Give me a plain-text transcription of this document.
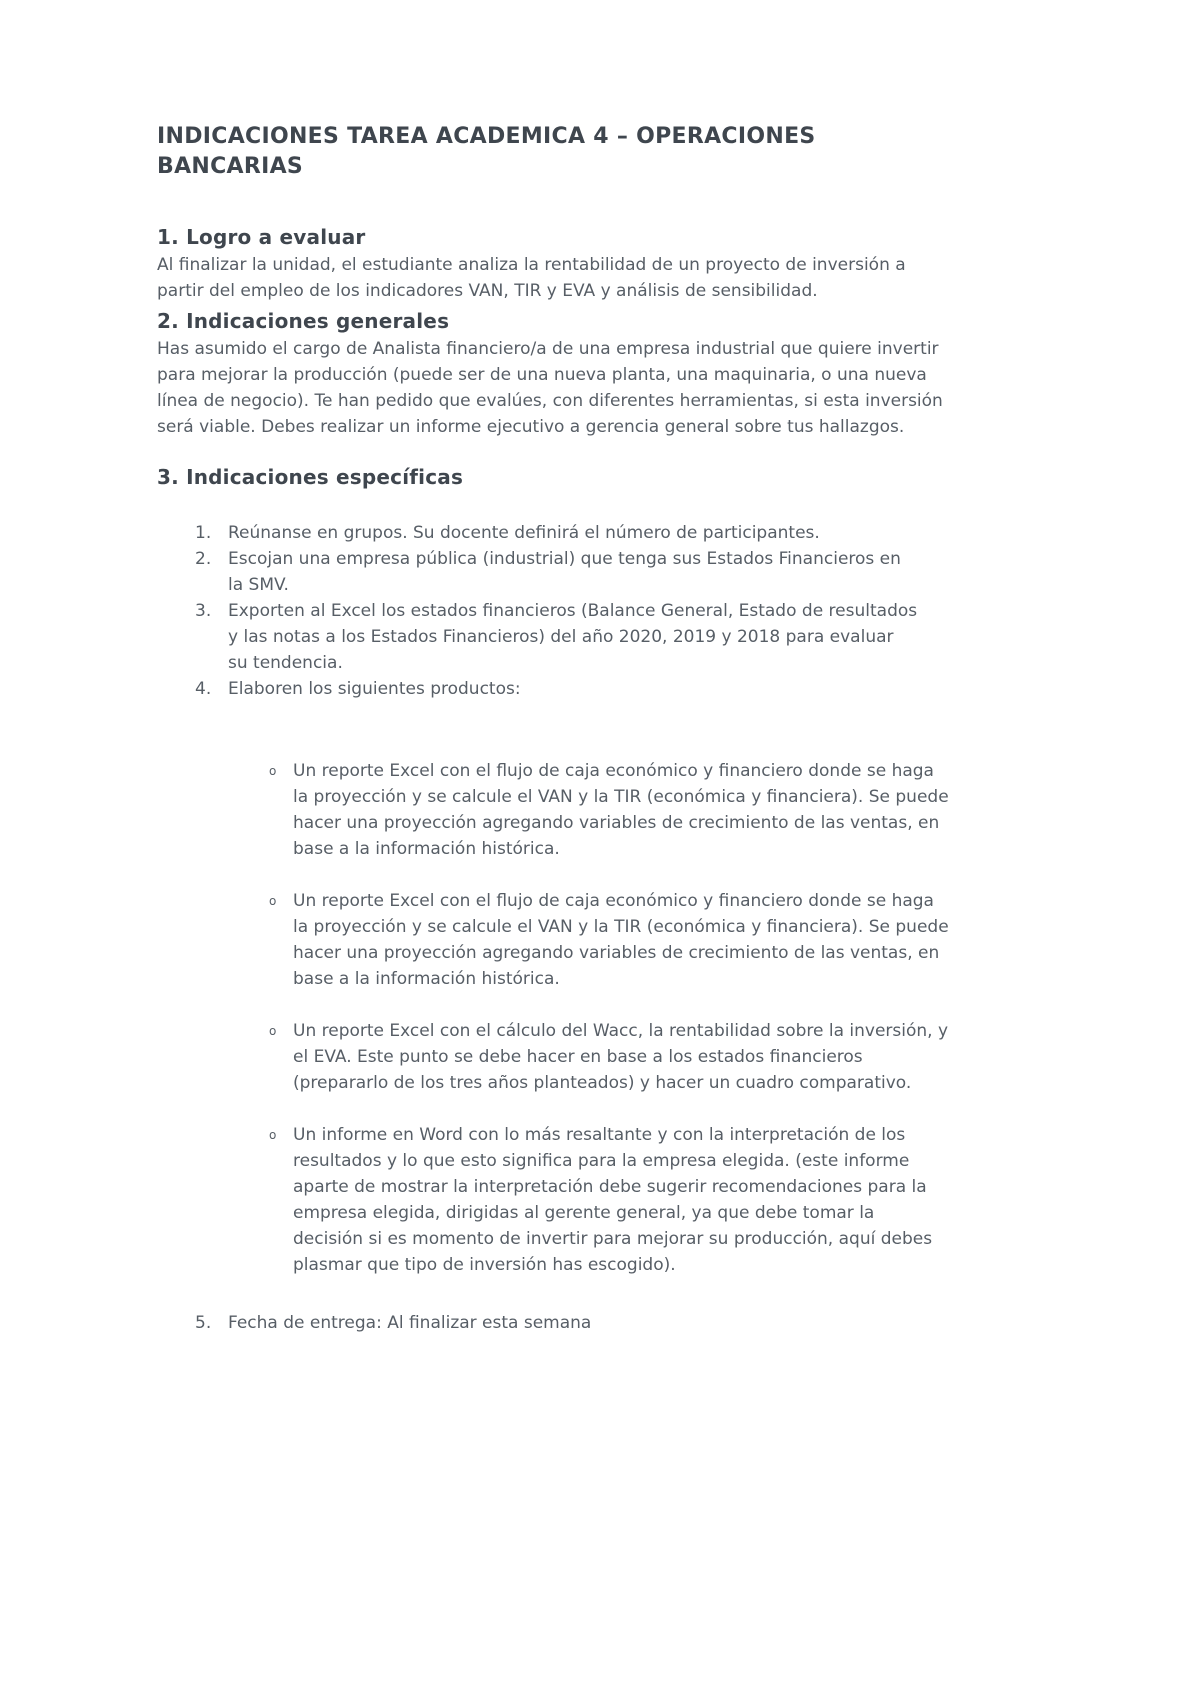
INDICACIONES TAREA ACADEMICA 4 – OPERACIONES BANCARIAS
1. Logro a evaluar

Al finalizar la unidad, el estudiante analiza la rentabilidad de un proyecto de inversión a partir del empleo de los indicadores VAN, TIR y EVA y análisis de sensibilidad.

2. Indicaciones generales

Has asumido el cargo de Analista financiero/a de una empresa industrial que quiere invertir para mejorar la producción (puede ser de una nueva planta, una maquinaria, o una nueva línea de negocio). Te han pedido que evalúes, con diferentes herramientas, si esta inversión será viable. Debes realizar un informe ejecutivo a gerencia general sobre tus hallazgos.

3. Indicaciones específicas
1. Reúnanse en grupos. Su docente definirá el número de participantes.
2. Escojan una empresa pública (industrial) que tenga sus Estados Financieros en la SMV.
3. Exporten al Excel los estados financieros (Balance General, Estado de resultados y las notas a los Estados Financieros) del año 2020, 2019 y 2018 para evaluar su tendencia.
4. Elaboren los siguientes productos:
o Un reporte Excel con el flujo de caja económico y financiero donde se haga la proyección y se calcule el VAN y la TIR (económica y financiera). Se puede hacer una proyección agregando variables de crecimiento de las ventas, en base a la información histórica.
o Un reporte Excel con el flujo de caja económico y financiero donde se haga la proyección y se calcule el VAN y la TIR (económica y financiera). Se puede hacer una proyección agregando variables de crecimiento de las ventas, en base a la información histórica.
o Un reporte Excel con el cálculo del Wacc, la rentabilidad sobre la inversión, y el EVA. Este punto se debe hacer en base a los estados financieros (prepararlo de los tres años planteados) y hacer un cuadro comparativo.
o Un informe en Word con lo más resaltante y con la interpretación de los resultados y lo que esto significa para la empresa elegida. (este informe aparte de mostrar la interpretación debe sugerir recomendaciones para la empresa elegida, dirigidas al gerente general, ya que debe tomar la decisión si es momento de invertir para mejorar su producción, aquí debes plasmar que tipo de inversión has escogido).
5. Fecha de entrega: Al finalizar esta semana
